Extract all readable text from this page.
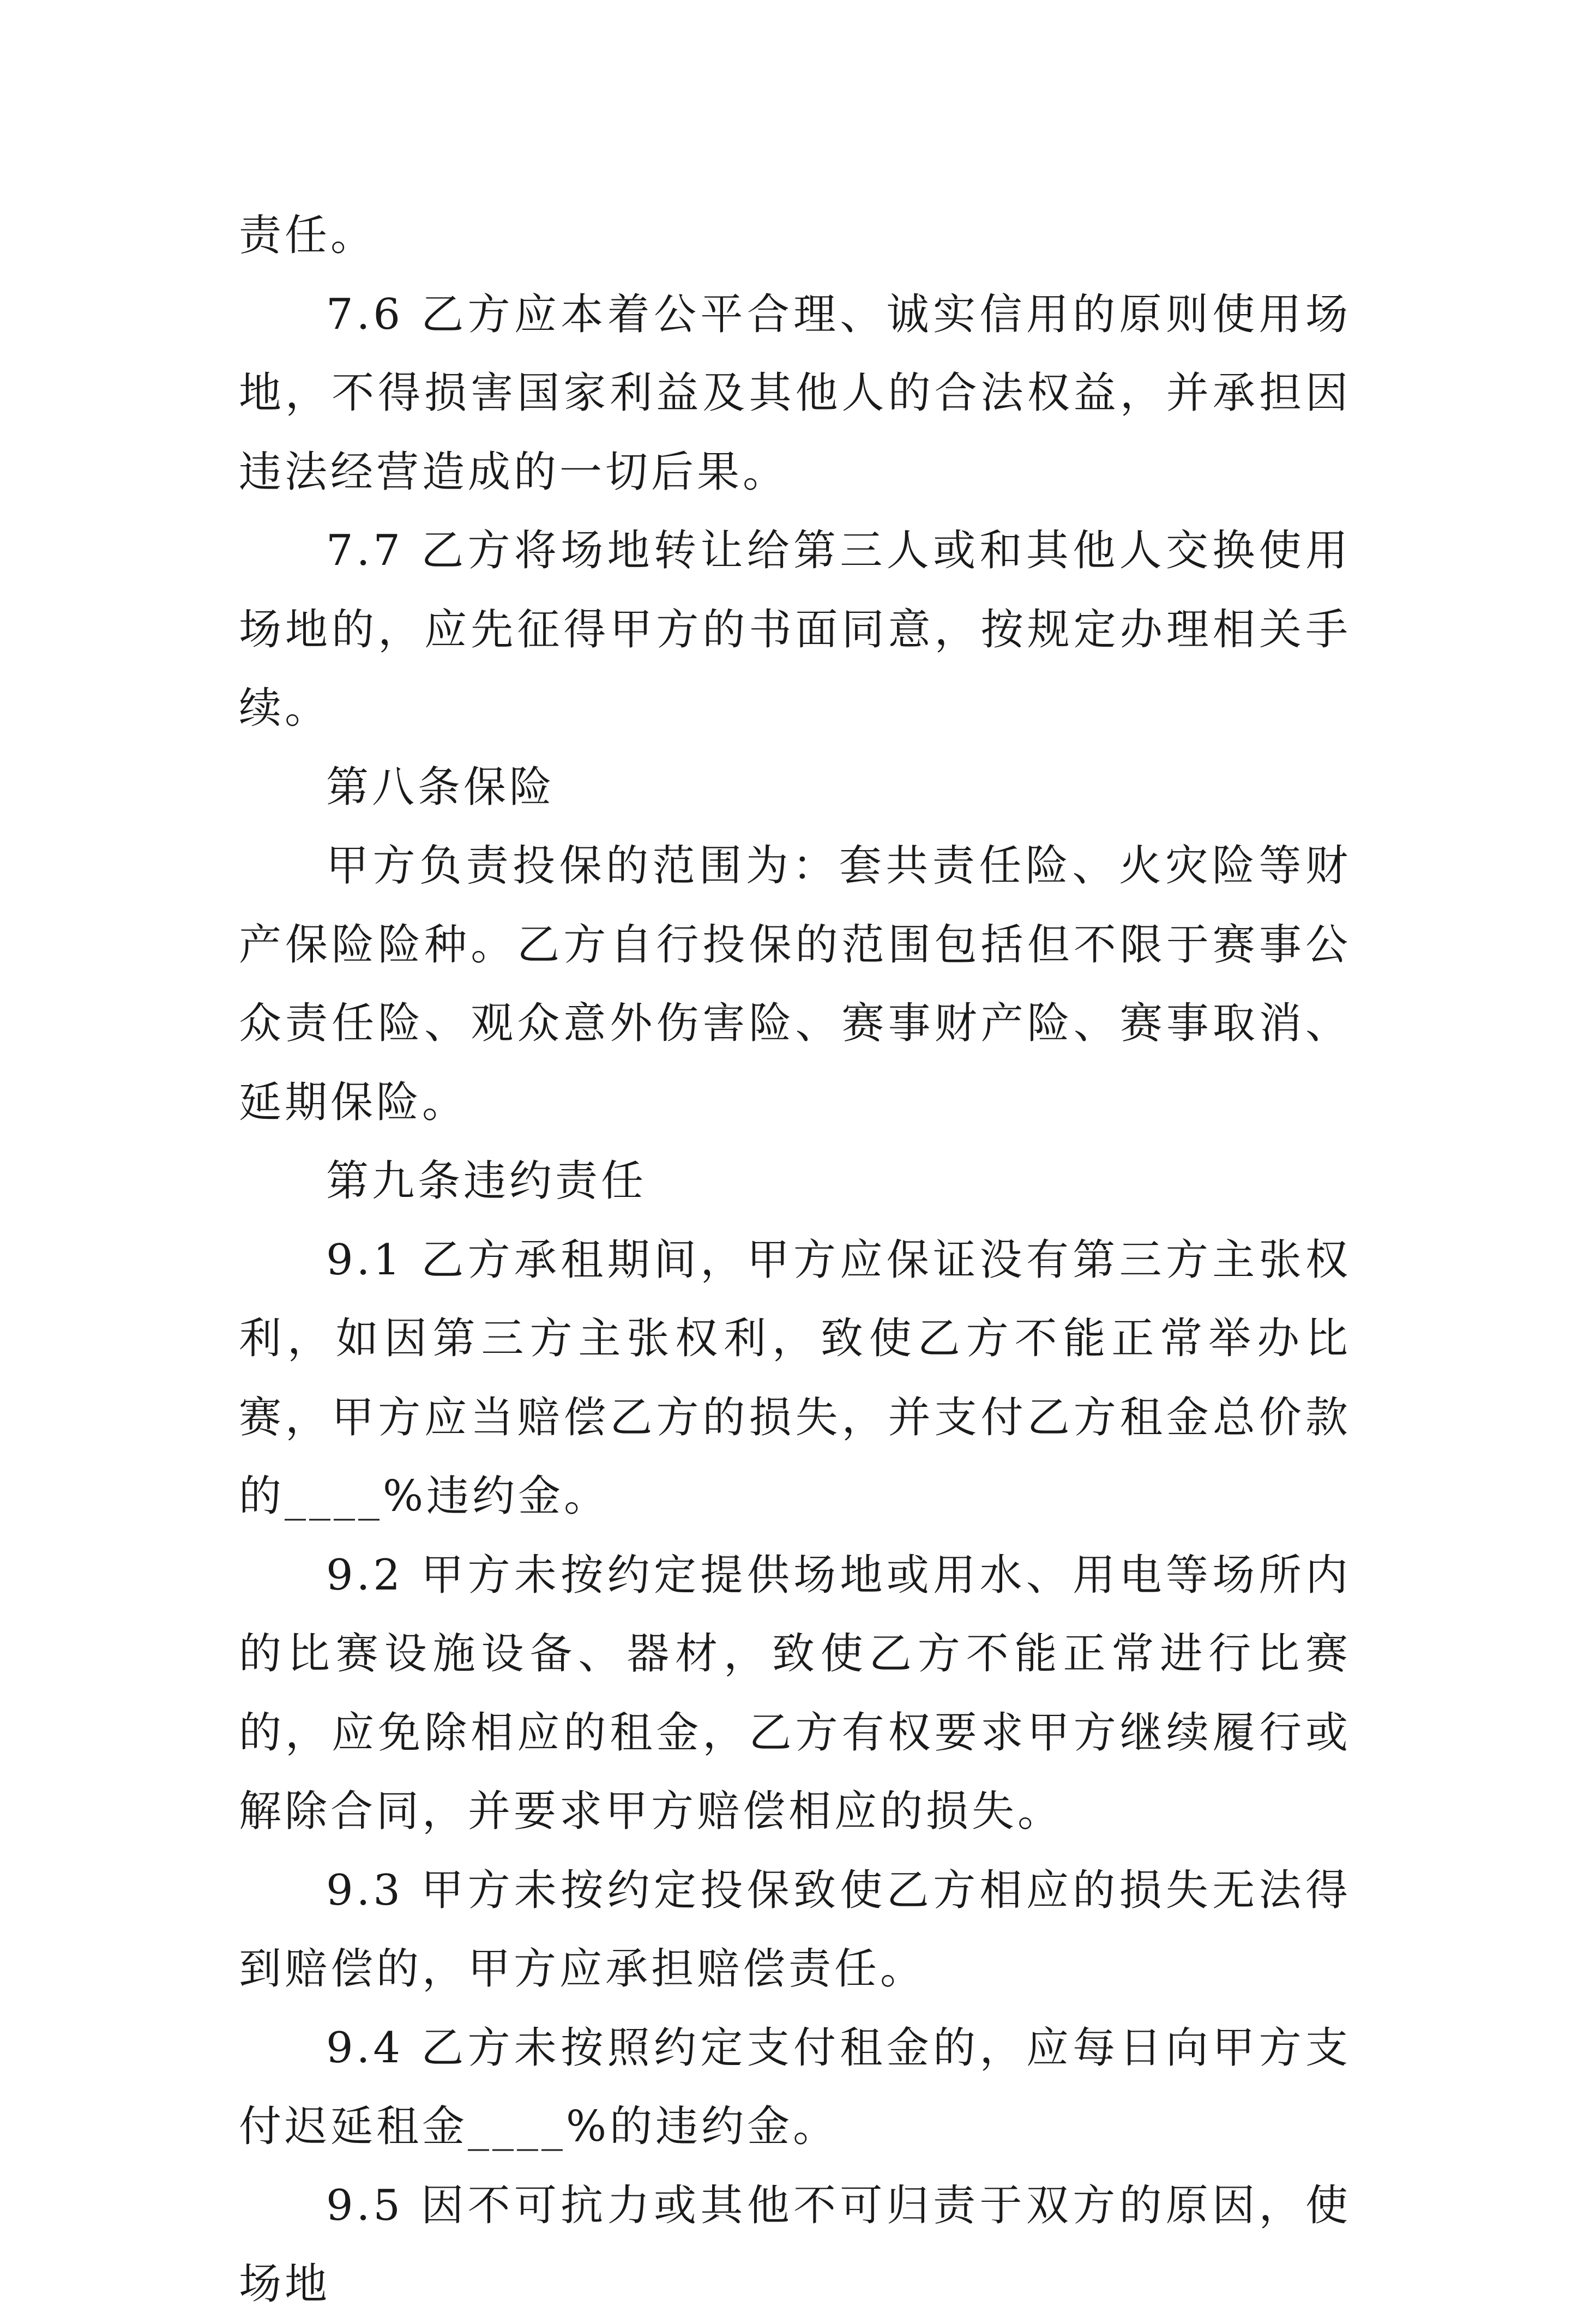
责任。

7.6 乙方应本着公平合理、诚实信用的原则使用场地，不得损害国家利益及其他人的合法权益，并承担因违法经营造成的一切后果。

7.7 乙方将场地转让给第三人或和其他人交换使用场地的，应先征得甲方的书面同意，按规定办理相关手续。

第八条保险

甲方负责投保的范围为：套共责任险、火灾险等财产保险险种。乙方自行投保的范围包括但不限于赛事公众责任险、观众意外伤害险、赛事财产险、赛事取消、延期保险。

第九条违约责任

9.1 乙方承租期间，甲方应保证没有第三方主张权利，如因第三方主张权利，致使乙方不能正常举办比赛，甲方应当赔偿乙方的损失，并支付乙方租金总价款的____%违约金。

9.2 甲方未按约定提供场地或用水、用电等场所内的比赛设施设备、器材，致使乙方不能正常进行比赛的，应免除相应的租金，乙方有权要求甲方继续履行或解除合同，并要求甲方赔偿相应的损失。

9.3 甲方未按约定投保致使乙方相应的损失无法得到赔偿的，甲方应承担赔偿责任。

9.4 乙方未按照约定支付租金的，应每日向甲方支付迟延租金____%的违约金。

9.5 因不可抗力或其他不可归责于双方的原因，使场地
